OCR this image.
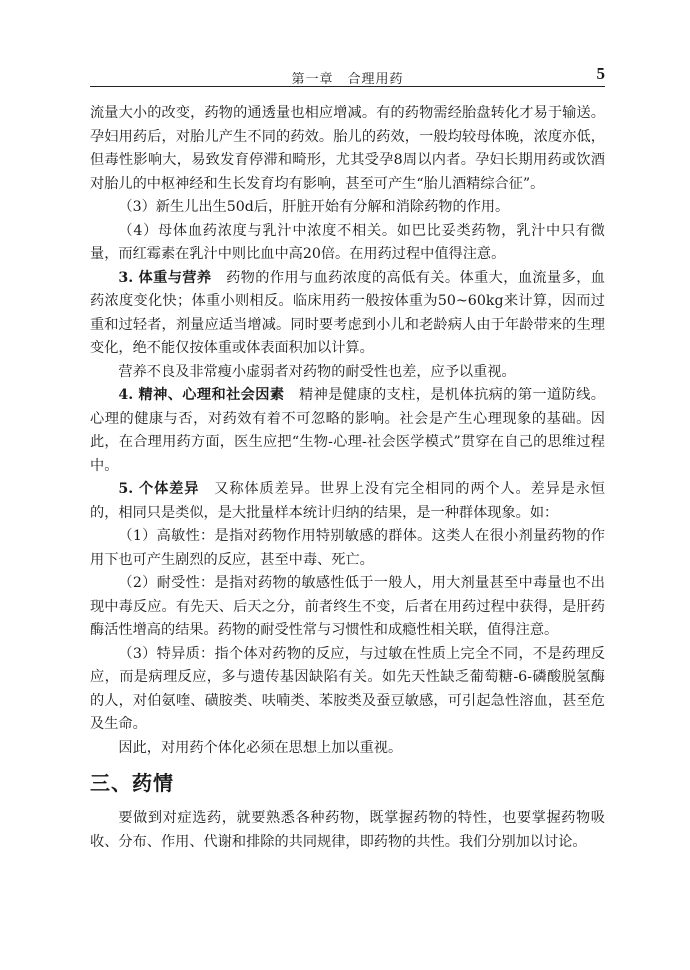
第一章　合理用药	5

流量大小的改变，药物的通透量也相应增减。有的药物需经胎盘转化才易于输送。孕妇用药后，对胎儿产生不同的药效。胎儿的药效，一般均较母体晚，浓度亦低，但毒性影响大，易致发育停滞和畸形，尤其受孕8周以内者。孕妇长期用药或饮酒对胎儿的中枢神经和生长发育均有影响，甚至可产生“胎儿酒精综合征”。

（3）新生儿出生50d后，肝脏开始有分解和消除药物的作用。

（4）母体血药浓度与乳汁中浓度不相关。如巴比妥类药物，乳汁中只有微量，而红霉素在乳汁中则比血中高20倍。在用药过程中值得注意。

3. 体重与营养　药物的作用与血药浓度的高低有关。体重大，血流量多，血药浓度变化快；体重小则相反。临床用药一般按体重为50~60kg来计算，因而过重和过轻者，剂量应适当增减。同时要考虑到小儿和老龄病人由于年龄带来的生理变化，绝不能仅按体重或体表面积加以计算。

营养不良及非常瘦小虚弱者对药物的耐受性也差，应予以重视。

4. 精神、心理和社会因素　精神是健康的支柱，是机体抗病的第一道防线。心理的健康与否，对药效有着不可忽略的影响。社会是产生心理现象的基础。因此，在合理用药方面，医生应把“生物-心理-社会医学模式”贯穿在自己的思维过程中。

5. 个体差异　又称体质差异。世界上没有完全相同的两个人。差异是永恒的，相同只是类似，是大批量样本统计归纳的结果，是一种群体现象。如：

（1）高敏性：是指对药物作用特别敏感的群体。这类人在很小剂量药物的作用下也可产生剧烈的反应，甚至中毒、死亡。

（2）耐受性：是指对药物的敏感性低于一般人，用大剂量甚至中毒量也不出现中毒反应。有先天、后天之分，前者终生不变，后者在用药过程中获得，是肝药酶活性增高的结果。药物的耐受性常与习惯性和成瘾性相关联，值得注意。

（3）特异质：指个体对药物的反应，与过敏在性质上完全不同，不是药理反应，而是病理反应，多与遗传基因缺陷有关。如先天性缺乏葡萄糖-6-磷酸脱氢酶的人，对伯氨喹、磺胺类、呋喃类、苯胺类及蚕豆敏感，可引起急性溶血，甚至危及生命。

因此，对用药个体化必须在思想上加以重视。

三、药情

要做到对症选药，就要熟悉各种药物，既掌握药物的特性，也要掌握药物吸收、分布、作用、代谢和排除的共同规律，即药物的共性。我们分别加以讨论。
